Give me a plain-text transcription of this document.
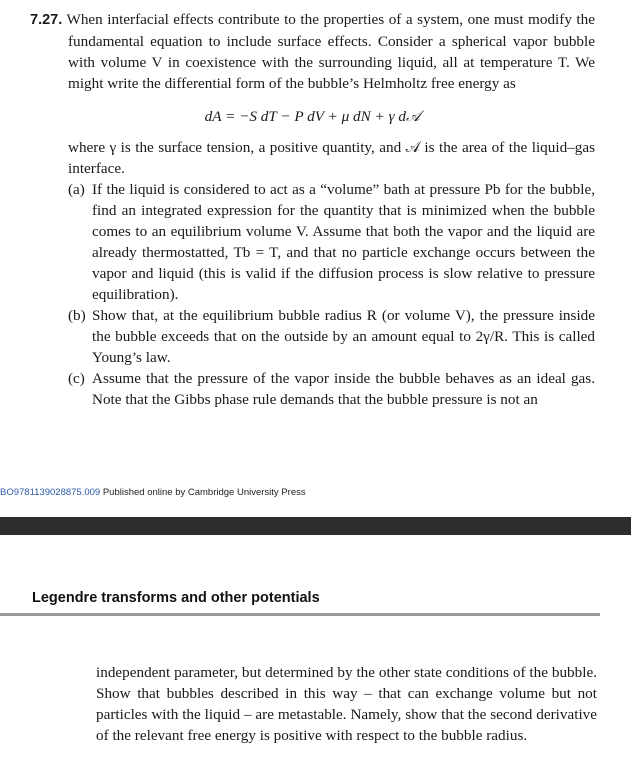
7.27. When interfacial effects contribute to the properties of a system, one must modify the fundamental equation to include surface effects. Consider a spherical vapor bubble with volume V in coexistence with the surrounding liquid, all at temperature T. We might write the differential form of the bubble’s Helmholtz free energy as
dA = −S dT − P dV + μ dN + γ d𝒜
where γ is the surface tension, a positive quantity, and 𝒜 is the area of the liquid–gas interface.
(a) If the liquid is considered to act as a “volume” bath at pressure Pb for the bubble, find an integrated expression for the quantity that is minimized when the bubble comes to an equilibrium volume V. Assume that both the vapor and the liquid are already thermostatted, Tb = T, and that no particle exchange occurs between the vapor and liquid (this is valid if the diffusion process is slow relative to pressure equilibration).
(b) Show that, at the equilibrium bubble radius R (or volume V), the pressure inside the bubble exceeds that on the outside by an amount equal to 2γ/R. This is called Young’s law.
(c) Assume that the pressure of the vapor inside the bubble behaves as an ideal gas. Note that the Gibbs phase rule demands that the bubble pressure is not an
BO9781139028875.009 Published online by Cambridge University Press
Legendre transforms and other potentials
independent parameter, but determined by the other state conditions of the bubble. Show that bubbles described in this way – that can exchange volume but not particles with the liquid – are metastable. Namely, show that the second derivative of the relevant free energy is positive with respect to the bubble radius.
